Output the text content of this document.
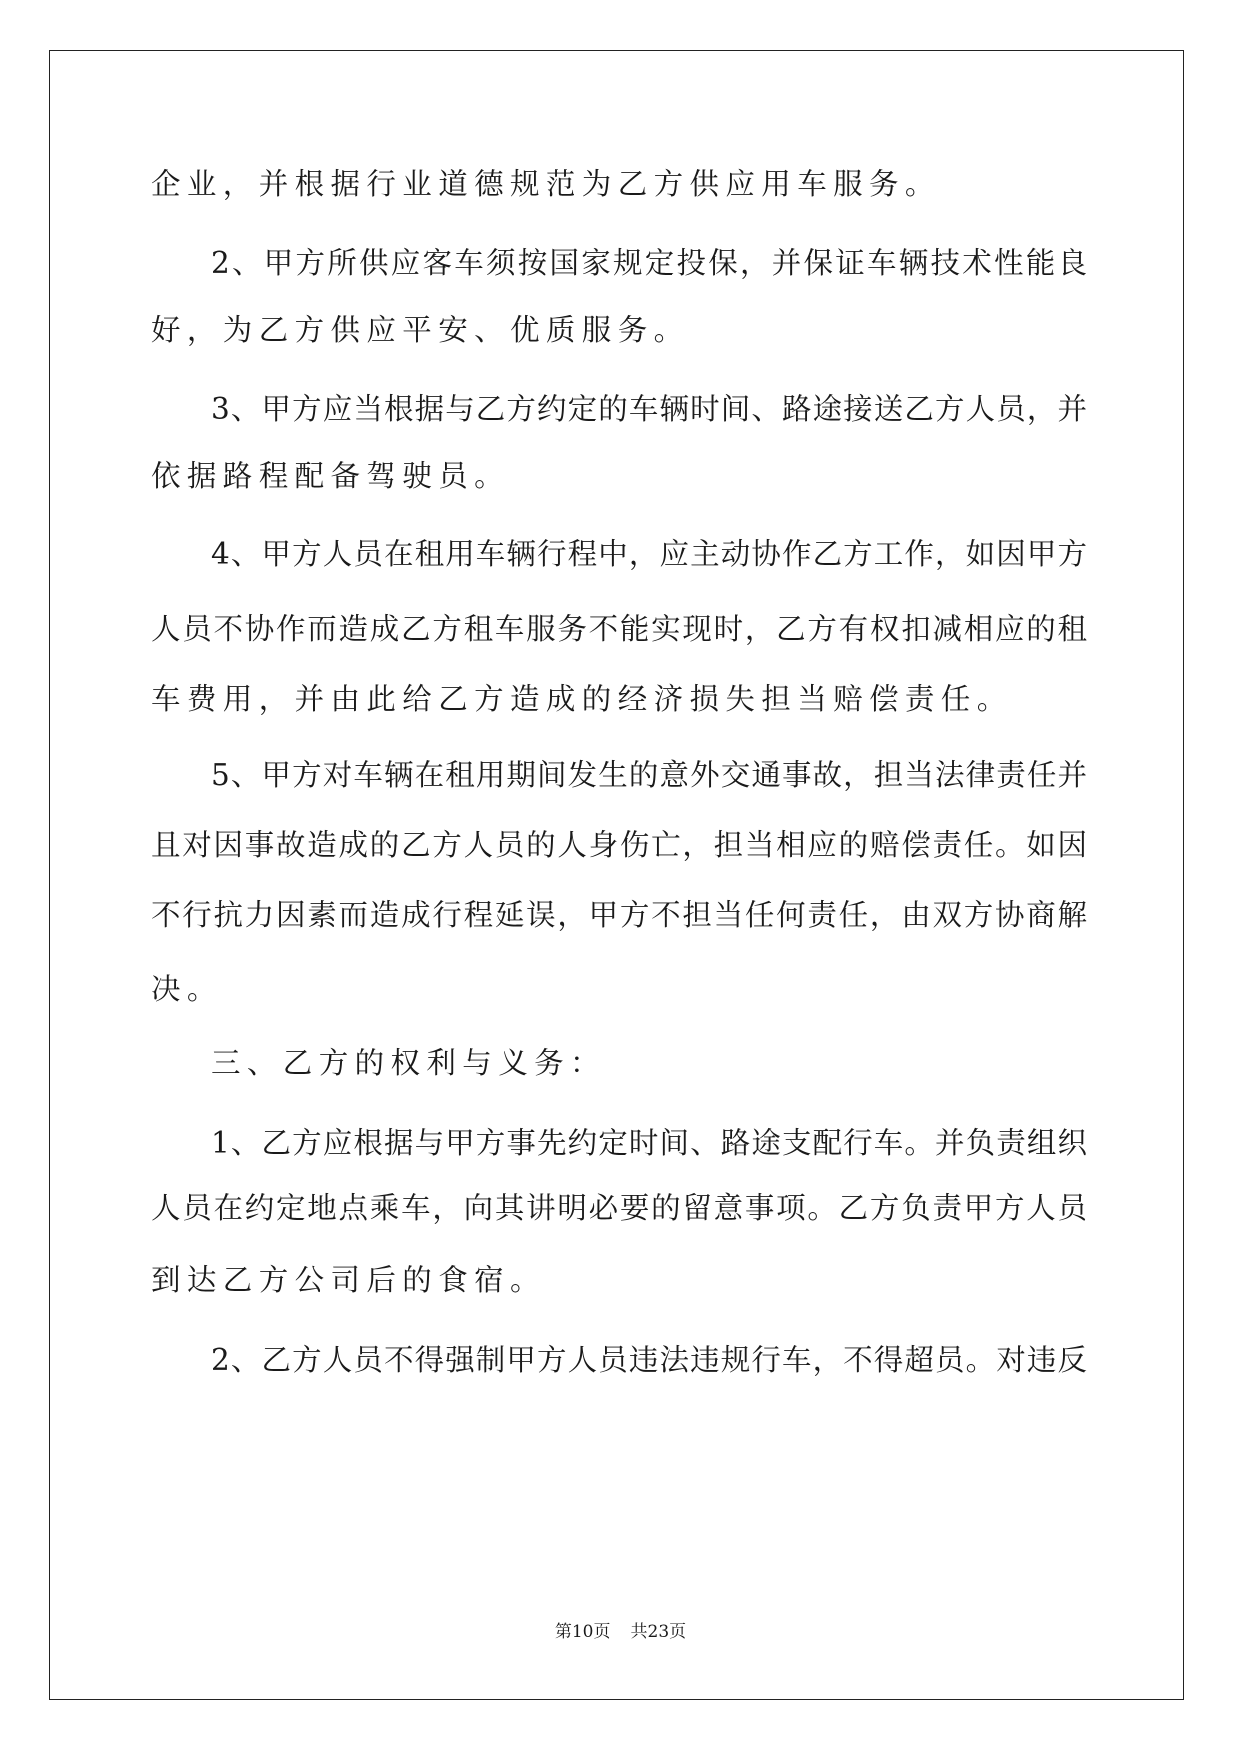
企业，并根据行业道德规范为乙方供应用车服务。
2、甲方所供应客车须按国家规定投保，并保证车辆技术性能良
好，为乙方供应平安、优质服务。
3、甲方应当根据与乙方约定的车辆时间、路途接送乙方人员，并
依据路程配备驾驶员。
4、甲方人员在租用车辆行程中，应主动协作乙方工作，如因甲方
人员不协作而造成乙方租车服务不能实现时，乙方有权扣减相应的租
车费用，并由此给乙方造成的经济损失担当赔偿责任。
5、甲方对车辆在租用期间发生的意外交通事故，担当法律责任并
且对因事故造成的乙方人员的人身伤亡，担当相应的赔偿责任。如因
不行抗力因素而造成行程延误，甲方不担当任何责任，由双方协商解
决。
三、乙方的权利与义务：
1、乙方应根据与甲方事先约定时间、路途支配行车。并负责组织
人员在约定地点乘车，向其讲明必要的留意事项。乙方负责甲方人员
到达乙方公司后的食宿。
2、乙方人员不得强制甲方人员违法违规行车，不得超员。对违反
第10页 共23页
